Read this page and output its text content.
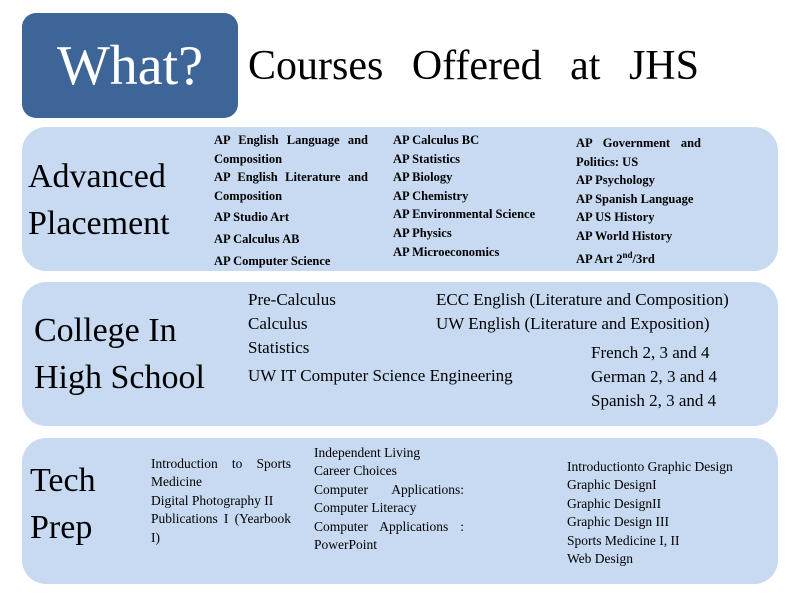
What? Courses Offered at JHS
Advanced
Placement
AP English Language and Composition
AP English Literature and Composition
AP Studio Art
AP Calculus AB
AP Computer Science
AP Calculus BC
AP Statistics
AP Biology
AP Chemistry
AP Environmental Science
AP Physics
AP Microeconomics
AP Government and Politics: US
AP Psychology
AP Spanish Language
AP US History
AP World History
AP Art 2nd/3rd
College In
High School
Pre-Calculus
Calculus
Statistics
UW IT Computer Science Engineering
ECC English (Literature and Composition)
UW English (Literature and Exposition)
French 2, 3 and 4
German 2, 3 and 4
Spanish 2, 3 and 4
Tech
Prep
Introduction to Sports Medicine
Digital Photography II
Publications I (Yearbook I)
Independent Living
Career Choices
Computer Applications: Computer Literacy
Computer Applications : PowerPoint
Introductionto Graphic Design
Graphic DesignI
Graphic DesignII
Graphic Design III
Sports Medicine I, II
Web Design
